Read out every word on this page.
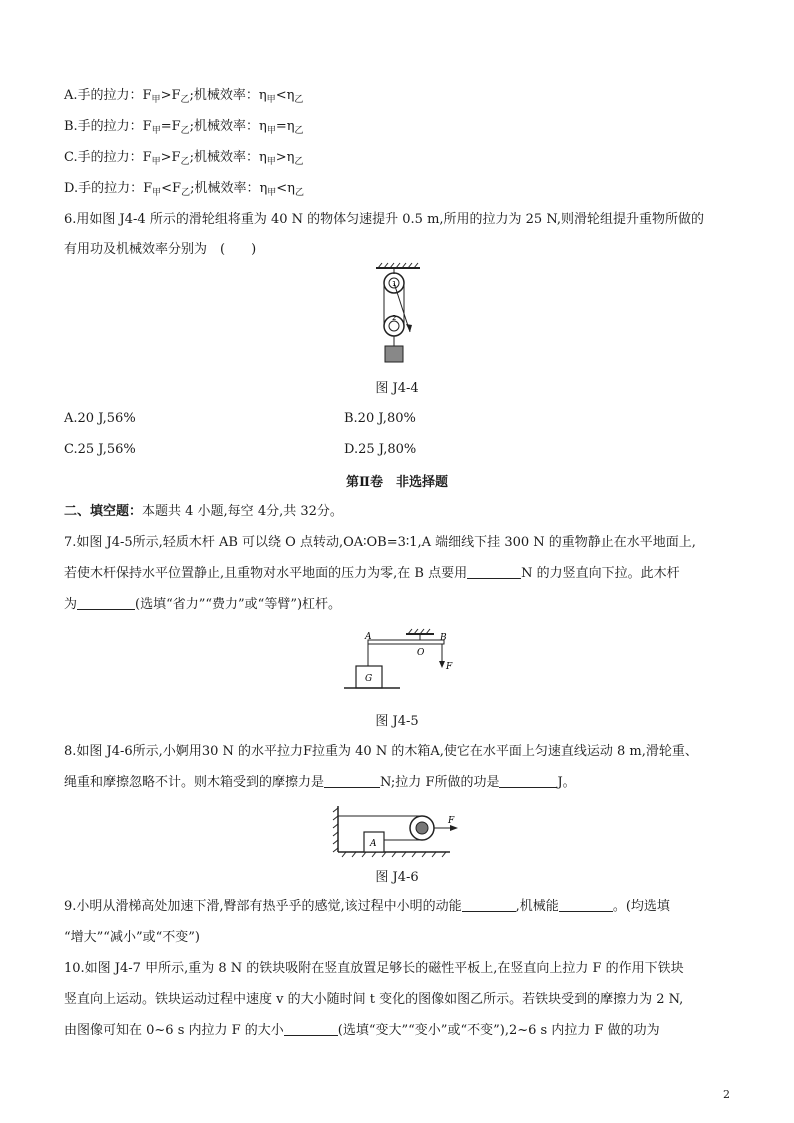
A.手的拉力：$F_甲>F_乙$;机械效率：$\eta_甲<\eta_乙$
B.手的拉力：$F_甲=F_乙$;机械效率：$\eta_甲=\eta_乙$
C.手的拉力：$F_甲>F_乙$;机械效率：$\eta_甲>\eta_乙$
D.手的拉力：$F_甲<F_乙$;机械效率：$\eta_甲<\eta_乙$
6.用如图 J4-4 所示的滑轮组将重为 40 N 的物体匀速提升 0.5 m,所用的拉力为 25 N,则滑轮组提升重物所做的
有用功及机械效率分别为　(　　)
1
2
图 J4-4
A.20 J,56%	B.20 J,80%
C.25 J,56%	D.25 J,80%
第Ⅱ卷　非选择题
二、填空题：本题共 4 小题,每空 4分,共 32分。
7.如图 J4-5所示,轻质木杆 AB 可以绕 O 点转动,OA∶OB=3∶1,A 端细线下挂 300 N 的重物静止在水平地面上,
若使木杆保持水平位置静止,且重物对水平地面的压力为零,在 B 点要用	N 的力竖直向下拉。此木杆
为	(选填“省力”“费力”或“等臂”)杠杆。
A	B
O
F
G
图 J4-5
8.如图 J4-6所示,小婀用30 N 的水平拉力F拉重为 40 N 的木箱A,使它在水平面上匀速直线运动 8 m,滑轮重、
绳重和摩擦忽略不计。则木箱受到的摩擦力是	N;拉力 F所做的功是	J。
A
F
图 J4-6
9.小明从滑梯高处加速下滑,臀部有热乎乎的感觉,该过程中小明的动能	,机械能	。(均选填
“增大”“减小”或“不变”)
10.如图 J4-7 甲所示,重为 8 N 的铁块吸附在竖直放置足够长的磁性平板上,在竖直向上拉力 F 的作用下铁块
竖直向上运动。铁块运动过程中速度 v 的大小随时间 t 变化的图像如图乙所示。若铁块受到的摩擦力为 2 N,
由图像可知在 0~6 s 内拉力 F 的大小	(选填“变大”“变小”或“不变”),2~6 s 内拉力 F 做的功为
2
